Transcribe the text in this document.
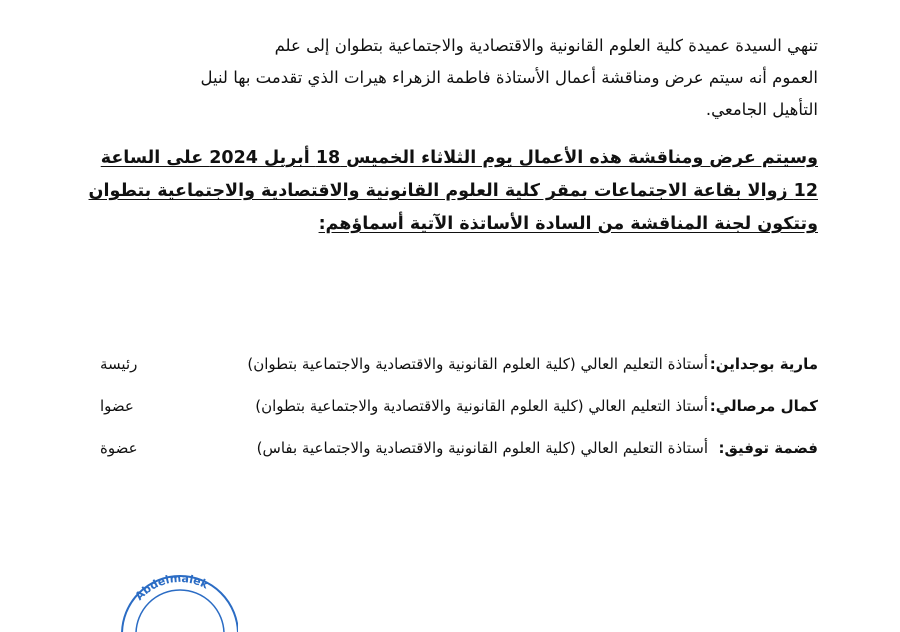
تنهي السيدة عميدة كلية العلوم القانونية والاقتصادية والاجتماعية بتطوان إلى علم
العموم أنه سيتم عرض ومناقشة أعمال الأستاذة فاطمة الزهراء هيرات الذي تقدمت بها لنيل
التأهيل الجامعي.
وسيتم عرض ومناقشة هذه الأعمال يوم الثلاثاء الخميس 18 أبريل 2024 على الساعة
12 زوالا بقاعة الاجتماعات بمقر كلية العلوم القانونية والاقتصادية والاجتماعية بتطوان
وتتكون لجنة المناقشة من السادة الأساتذة الآتية أسماؤهم:
مارية بوجداين:
أستاذة التعليم العالي (كلية العلوم القانونية والاقتصادية والاجتماعية بتطوان)
رئيسة
كمال مرصالي:
أستاذ التعليم العالي (كلية العلوم القانونية والاقتصادية والاجتماعية بتطوان)
عضوا
فضمة توفيق:
أستاذة التعليم العالي (كلية العلوم القانونية والاقتصادية والاجتماعية بفاس)
عضوة
Abdelmalek
